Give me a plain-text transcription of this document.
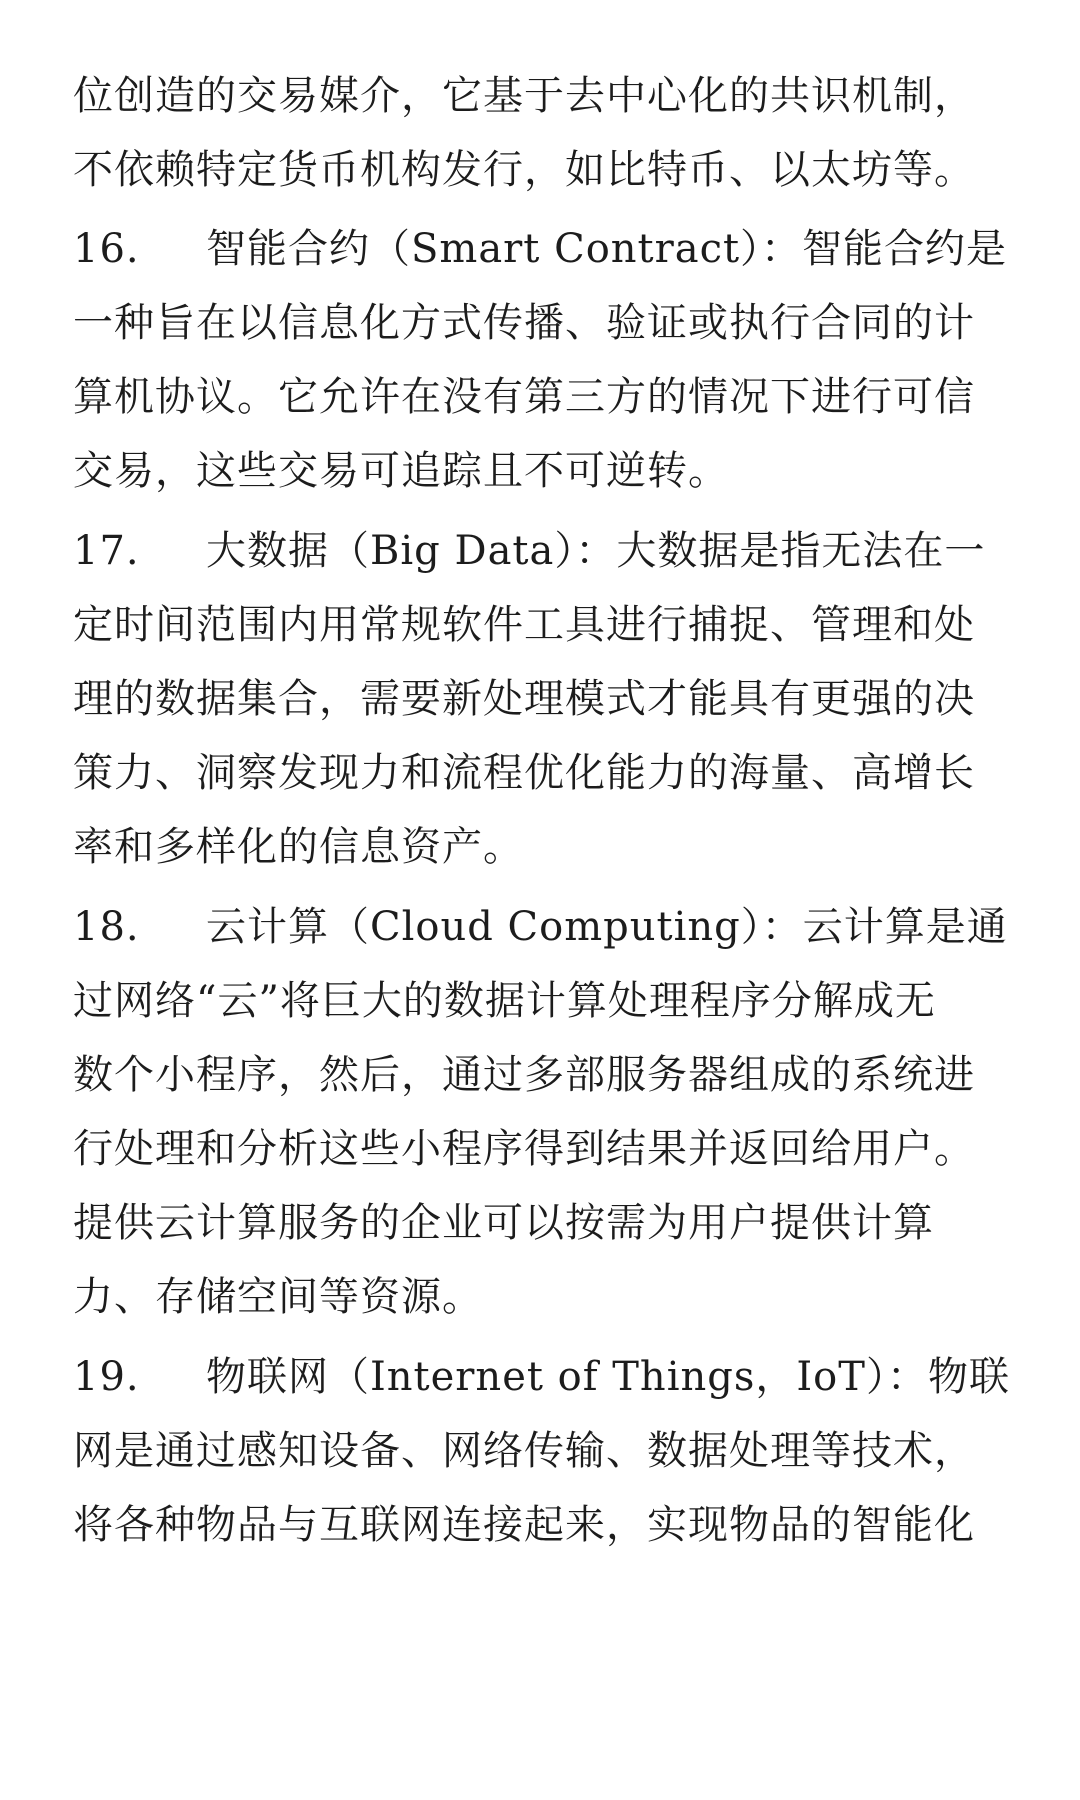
位创造的交易媒介，它基于去中心化的共识机制，
不依赖特定货币机构发行，如比特币、以太坊等。
16. 智能合约（Smart Contract）：智能合约是
一种旨在以信息化方式传播、验证或执行合同的计
算机协议。它允许在没有第三方的情况下进行可信
交易，这些交易可追踪且不可逆转。
17. 大数据（Big Data）：大数据是指无法在一
定时间范围内用常规软件工具进行捕捉、管理和处
理的数据集合，需要新处理模式才能具有更强的决
策力、洞察发现力和流程优化能力的海量、高增长
率和多样化的信息资产。
18. 云计算（Cloud Computing）：云计算是通
过网络“云”将巨大的数据计算处理程序分解成无
数个小程序，然后，通过多部服务器组成的系统进
行处理和分析这些小程序得到结果并返回给用户。
提供云计算服务的企业可以按需为用户提供计算
力、存储空间等资源。
19. 物联网（Internet of Things，IoT）：物联
网是通过感知设备、网络传输、数据处理等技术，
将各种物品与互联网连接起来，实现物品的智能化
